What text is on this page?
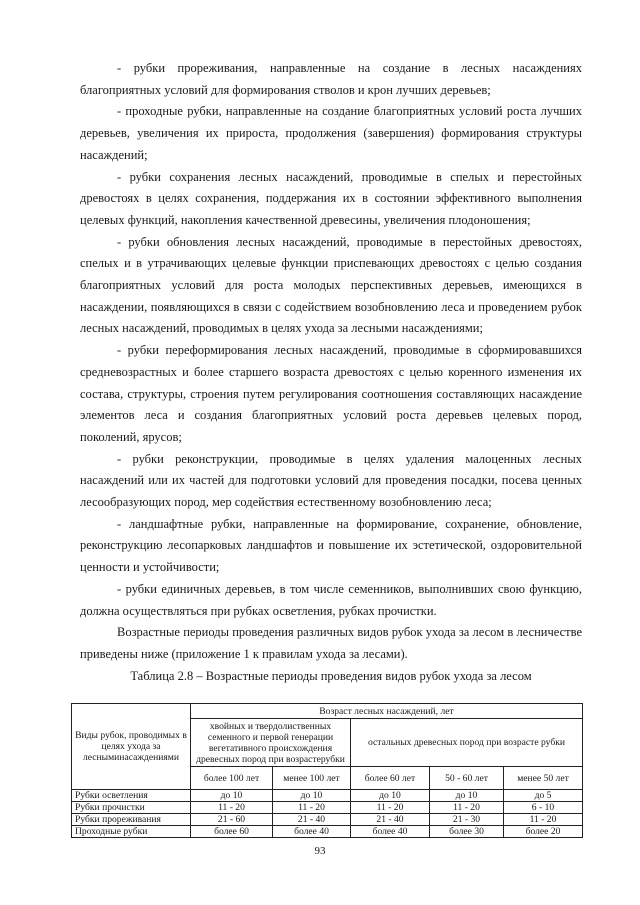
- рубки прореживания, направленные на создание в лесных насаждениях благоприятных условий для формирования стволов и крон лучших деревьев;

- проходные рубки, направленные на создание благоприятных условий роста лучших деревьев, увеличения их прироста, продолжения (завершения) формирования структуры насаждений;

- рубки сохранения лесных насаждений, проводимые в спелых и перестойных древостоях в целях сохранения, поддержания их в состоянии эффективного выполнения целевых функций, накопления качественной древесины, увеличения плодоношения;

- рубки обновления лесных насаждений, проводимые в перестойных древостоях, спелых и в утрачивающих целевые функции приспевающих древостоях с целью создания благоприятных условий для роста молодых перспективных деревьев, имеющихся в насаждении, появляющихся в связи с содействием возобновлению леса и проведением рубок лесных насаждений, проводимых в целях ухода за лесными насаждениями;

- рубки переформирования лесных насаждений, проводимые в сформировавшихся средневозрастных и более старшего возраста древостоях с целью коренного изменения их состава, структуры, строения путем регулирования соотношения составляющих насаждение элементов леса и создания благоприятных условий роста деревьев целевых пород, поколений, ярусов;

- рубки реконструкции, проводимые в целях удаления малоценных лесных насаждений или их частей для подготовки условий для проведения посадки, посева ценных лесообразующих пород, мер содействия естественному возобновлению леса;

- ландшафтные рубки, направленные на формирование, сохранение, обновление, реконструкцию лесопарковых ландшафтов и повышение их эстетической, оздоровительной ценности и устойчивости;

- рубки единичных деревьев, в том числе семенников, выполнивших свою функцию, должна осуществляться при рубках осветления, рубках прочистки.

Возрастные периоды проведения различных видов рубок ухода за лесом в лесничестве приведены ниже (приложение 1 к правилам ухода за лесами).

Таблица 2.8 – Возрастные периоды проведения видов рубок ухода за лесом

Виды рубок, проводимых в целях ухода за лесныминасаждениями	Возраст лесных насаждений, лет				
	хвойных и твердолиственных семенного и первой генерации вегетативного происхождения древесных пород при возрастерубки		остальных древесных пород при возрасте рубки		
	более 100 лет	менее 100 лет	более 60 лет	50 - 60 лет	менее 50 лет
Рубки осветления	до 10	до 10	до 10	до 10	до 5
Рубки прочистки	11 - 20	11 - 20	11 - 20	11 - 20	6 - 10
Рубки прореживания	21 - 60	21 - 40	21 - 40	21 - 30	11 - 20
Проходные рубки	более 60	более 40	более 40	более 30	более 20
93
